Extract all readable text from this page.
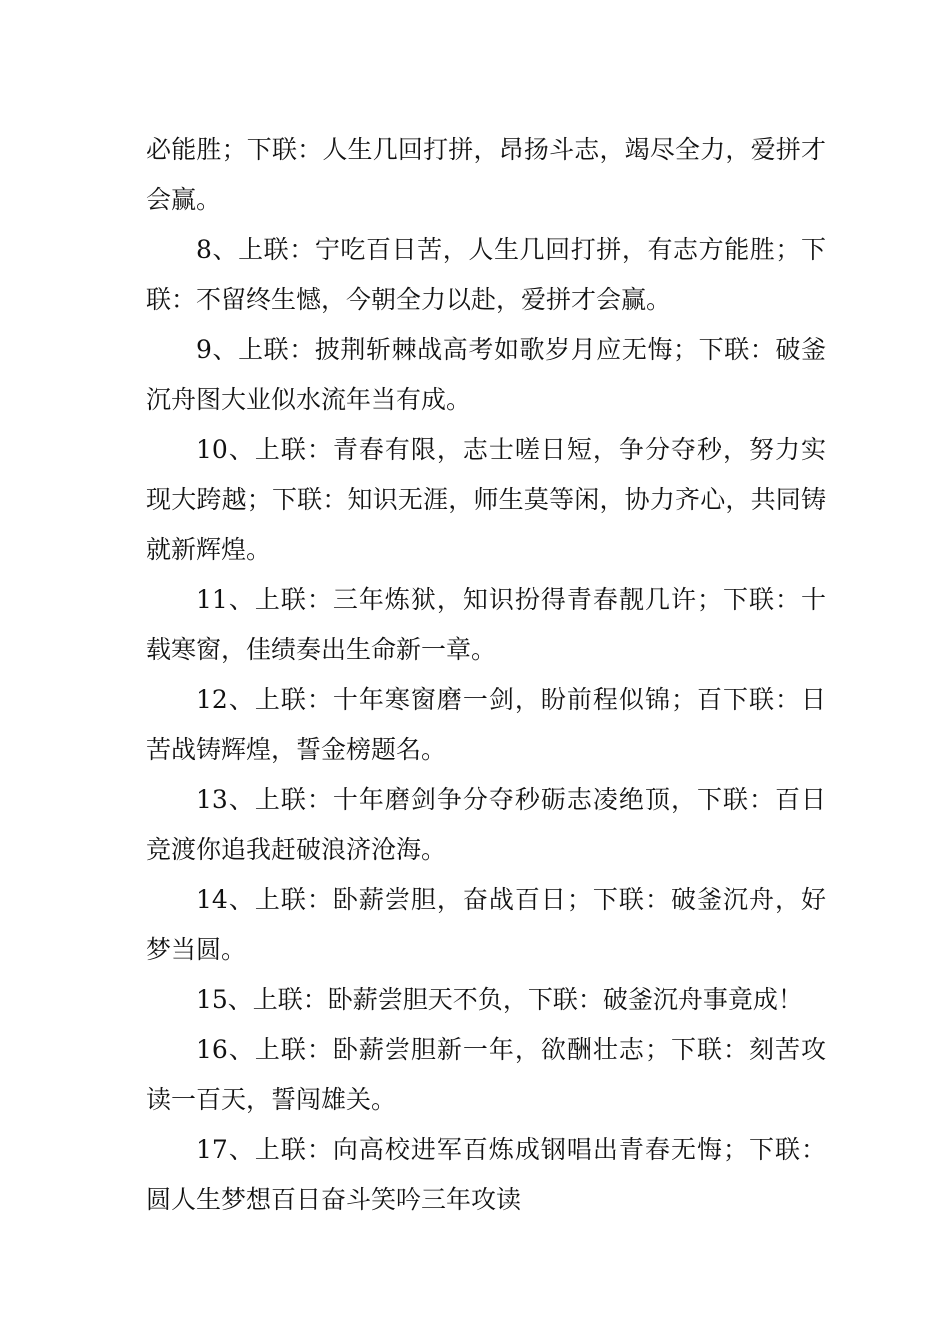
必能胜；下联：人生几回打拼，昂扬斗志，竭尽全力，爱拼才会赢。

8、上联：宁吃百日苦，人生几回打拼，有志方能胜；下联：不留终生憾，今朝全力以赴，爱拼才会赢。

9、上联：披荆斩棘战高考如歌岁月应无悔；下联：破釜沉舟图大业似水流年当有成。

10、上联：青春有限，志士嗟日短，争分夺秒，努力实现大跨越；下联：知识无涯，师生莫等闲，协力齐心，共同铸就新辉煌。

11、上联：三年炼狱，知识扮得青春靓几许；下联：十载寒窗，佳绩奏出生命新一章。

12、上联：十年寒窗磨一剑，盼前程似锦；百下联：日苦战铸辉煌，誓金榜题名。

13、上联：十年磨剑争分夺秒砺志凌绝顶，下联：百日竞渡你追我赶破浪济沧海。

14、上联：卧薪尝胆，奋战百日；下联：破釜沉舟，好梦当圆。

15、上联：卧薪尝胆天不负，下联：破釜沉舟事竟成！

16、上联：卧薪尝胆新一年，欲酬壮志；下联：刻苦攻读一百天，誓闯雄关。

17、上联：向高校进军百炼成钢唱出青春无悔；下联：圆人生梦想百日奋斗笑吟三年攻读
